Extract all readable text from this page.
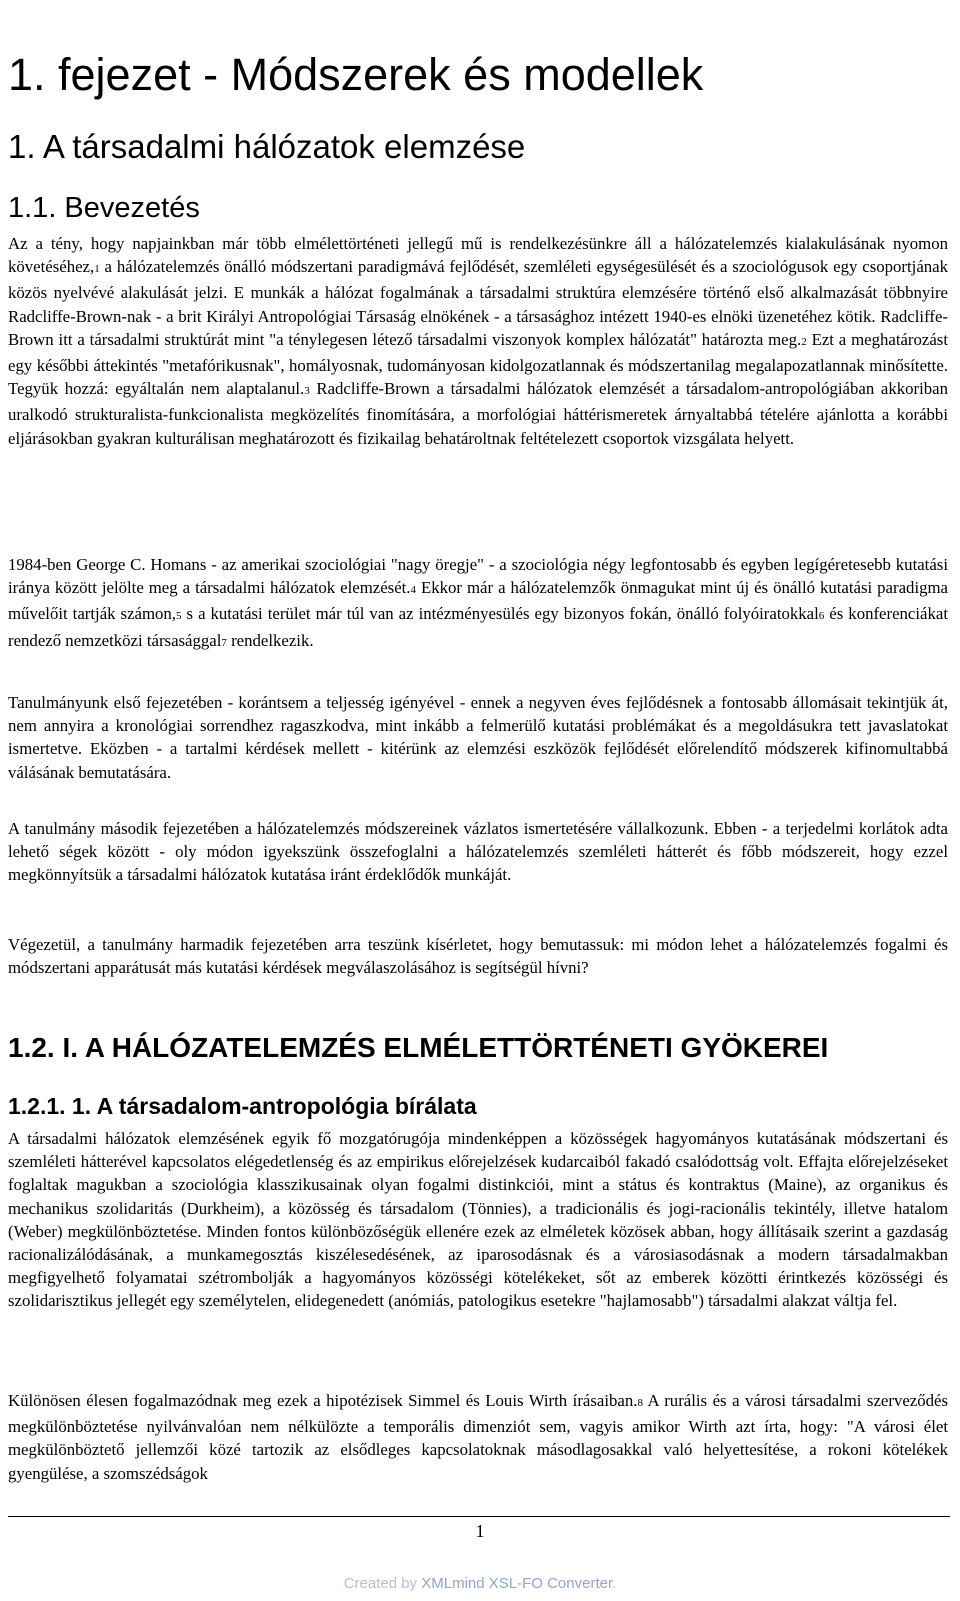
1. fejezet - Módszerek és modellek
1. A társadalmi hálózatok elemzése
1.1. Bevezetés

Az a tény, hogy napjainkban már több elmélettörténeti jellegű mű is rendelkezésünkre áll a hálózatelemzés kialakulásának nyomon követéséhez,1 a hálózatelemzés önálló módszertani paradigmává fejlődését, szemléleti egységesülését és a szociológusok egy csoportjának közös nyelvévé alakulását jelzi. E munkák a hálózat fogalmának a társadalmi struktúra elemzésére történő első alkalmazását többnyire Radcliffe-Brown-nak - a brit Királyi Antropológiai Társaság elnökének - a társasághoz intézett 1940-es elnöki üzenetéhez kötik. Radcliffe-Brown itt a társadalmi struktúrát mint "a ténylegesen létező társadalmi viszonyok komplex hálózatát" határozta meg.2 Ezt a meghatározást egy későbbi áttekintés "metafórikusnak", homályosnak, tudományosan kidolgozatlannak és módszertanilag megalapozatlannak minősítette. Tegyük hozzá: egyáltalán nem alaptalanul.3 Radcliffe-Brown a társadalmi hálózatok elemzését a társadalom-antropológiában akkoriban uralkodó strukturalista-funkcionalista megközelítés finomítására, a morfológiai háttérismeretek árnyaltabbá tételére ajánlotta a korábbi eljárásokban gyakran kulturálisan meghatározott és fizikailag behatároltnak feltételezett csoportok vizsgálata helyett.

1984-ben George C. Homans - az amerikai szociológiai "nagy öregje" - a szociológia négy legfontosabb és egyben legígéretesebb kutatási iránya között jelölte meg a társadalmi hálózatok elemzését.4 Ekkor már a hálózatelemzők önmagukat mint új és önálló kutatási paradigma művelőit tartják számon,5 s a kutatási terület már túl van az intézményesülés egy bizonyos fokán, önálló folyóiratokkal6 és konferenciákat rendező nemzetközi társasággal7 rendelkezik.

Tanulmányunk első fejezetében - korántsem a teljesség igényével - ennek a negyven éves fejlődésnek a fontosabb állomásait tekintjük át, nem annyira a kronológiai sorrendhez ragaszkodva, mint inkább a felmerülő kutatási problémákat és a megoldásukra tett javaslatokat ismertetve. Eközben - a tartalmi kérdések mellett - kitérünk az elemzési eszközök fejlődését előrelendítő módszerek kifinomultabbá válásának bemutatására.

A tanulmány második fejezetében a hálózatelemzés módszereinek vázlatos ismertetésére vállalkozunk. Ebben - a terjedelmi korlátok adta lehető ségek között - oly módon igyekszünk összefoglalni a hálózatelemzés szemléleti hátterét és főbb módszereit, hogy ezzel megkönnyítsük a társadalmi hálózatok kutatása iránt érdeklődők munkáját.

Végezetül, a tanulmány harmadik fejezetében arra teszünk kísérletet, hogy bemutassuk: mi módon lehet a hálózatelemzés fogalmi és módszertani apparátusát más kutatási kérdések megválaszolásához is segítségül hívni?

1.2. I. A HÁLÓZATELEMZÉS ELMÉLETTÖRTÉNETI GYÖKEREI
1.2.1. 1. A társadalom-antropológia bírálata

A társadalmi hálózatok elemzésének egyik fő mozgatórugója mindenképpen a közösségek hagyományos kutatásának módszertani és szemléleti hátterével kapcsolatos elégedetlenség és az empirikus előrejelzések kudarcaiból fakadó csalódottság volt. Effajta előrejelzéseket foglaltak magukban a szociológia klasszikusainak olyan fogalmi distinkciói, mint a státus és kontraktus (Maine), az organikus és mechanikus szolidaritás (Durkheim), a közösség és társadalom (Tönnies), a tradicionális és jogi-racionális tekintély, illetve hatalom (Weber) megkülönböztetése. Minden fontos különbözőségük ellenére ezek az elméletek közösek abban, hogy állításaik szerint a gazdaság racionalizálódásának, a munkamegosztás kiszélesedésének, az iparosodásnak és a városiasodásnak a modern társadalmakban megfigyelhető folyamatai szétrombolják a hagyományos közösségi kötelékeket, sőt az emberek közötti érintkezés közösségi és szolidarisztikus jellegét egy személytelen, elidegenedett (anómiás, patologikus esetekre "hajlamosabb") társadalmi alakzat váltja fel.

Különösen élesen fogalmazódnak meg ezek a hipotézisek Simmel és Louis Wirth írásaiban.8 A rurális és a városi társadalmi szerveződés megkülönböztetése nyilvánvalóan nem nélkülözte a temporális dimenziót sem, vagyis amikor Wirth azt írta, hogy: "A városi élet megkülönböztető jellemzői közé tartozik az elsődleges kapcsolatoknak másodlagosakkal való helyettesítése, a rokoni kötelékek gyengülése, a szomszédságok

1
Created by XMLmind XSL-FO Converter.
